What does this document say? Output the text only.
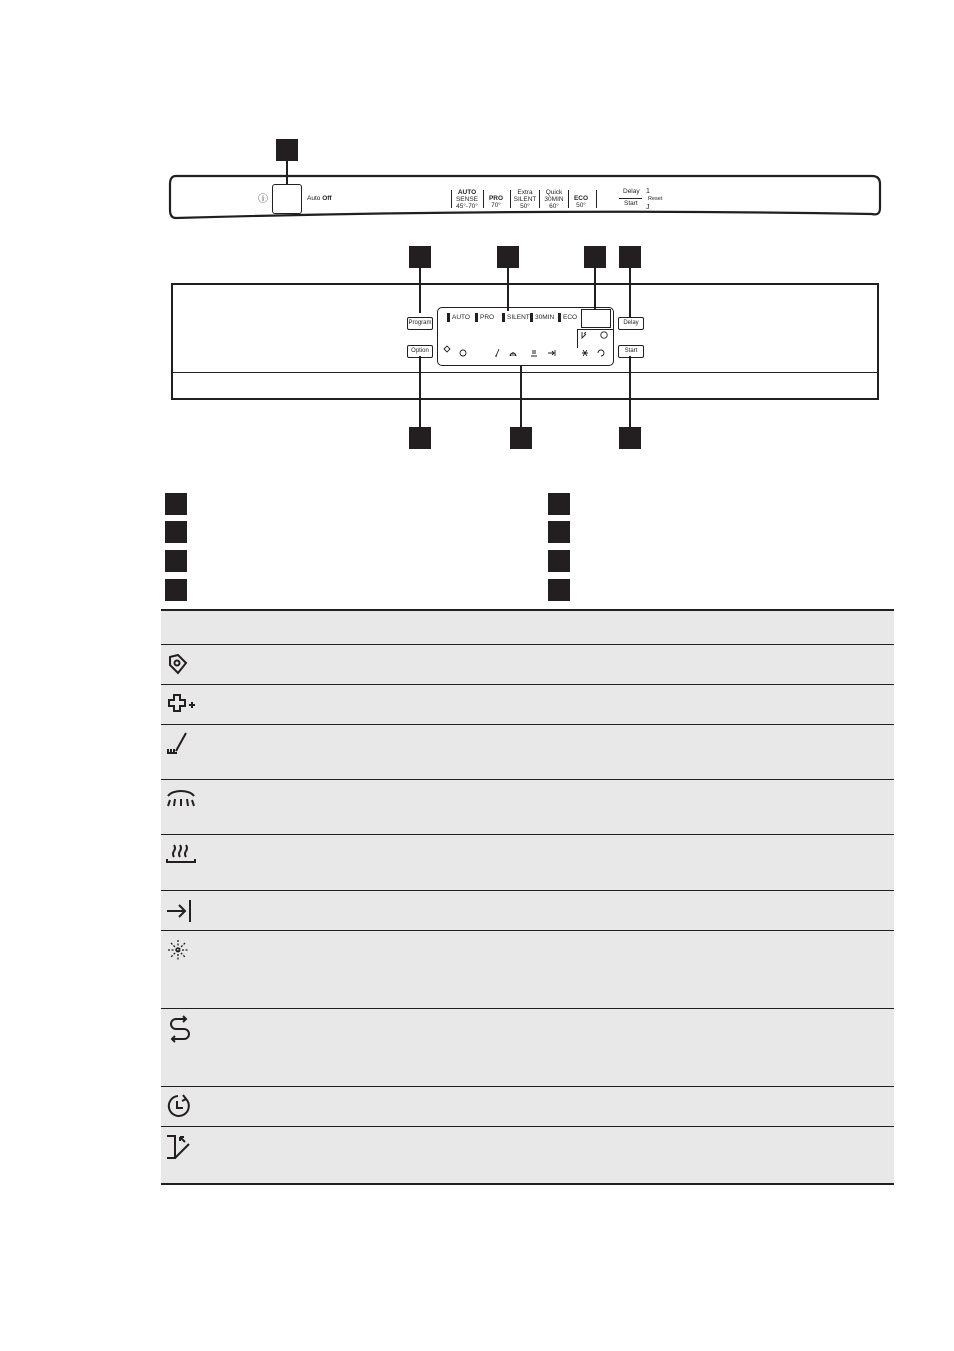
ⓘ	Auto Off
AUTO
SENSE
45°-70°
PRO
70°
Extra
SILENT
50°
Quick
30MIN
60°
ECO
50°
Delay
Start
1
Reset
J
Program
Option
Delay
Start
AUTO PRO SILENT 30MIN ECO
